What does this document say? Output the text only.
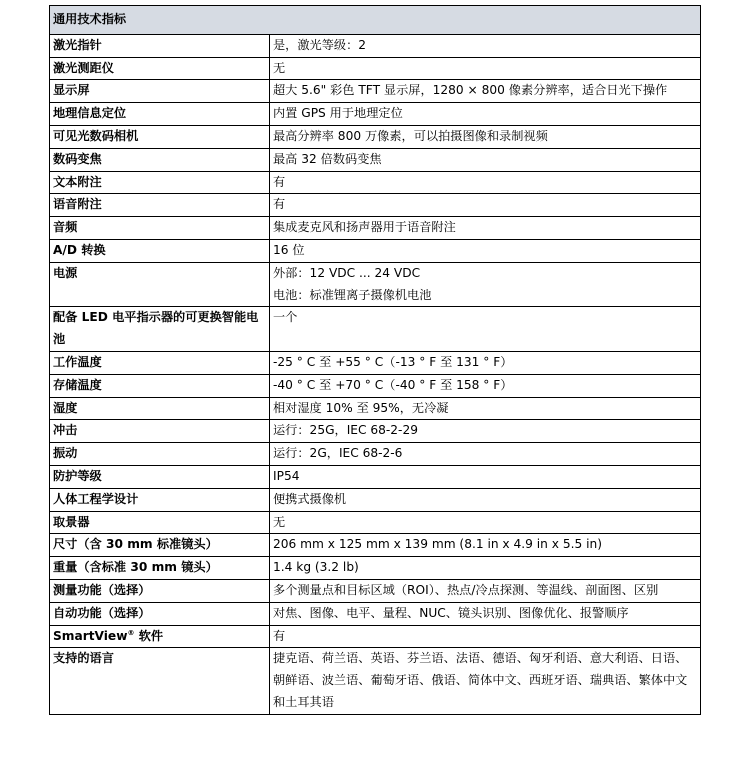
通用技术指标	
激光指针	是，激光等级：2

激光测距仪	无

显示屏	超大 5.6" 彩色 TFT 显示屏，1280 × 800 像素分辨率，适合日光下操作

地理信息定位	内置 GPS 用于地理定位

可见光数码相机	最高分辨率 800 万像素，可以拍摄图像和录制视频

数码变焦	最高 32 倍数码变焦

文本附注	有

语音附注	有

音频	集成麦克风和扬声器用于语音附注

A/D 转换	16 位

电源	外部：12 VDC ... 24 VDC
电池：标准锂离子摄像机电池

配备 LED 电平指示器的可更换智能电池	一个

工作温度	-25 ° C 至 +55 ° C（-13 ° F 至 131 ° F）

存储温度	-40 ° C 至 +70 ° C（-40 ° F 至 158 ° F）

湿度	相对湿度 10% 至 95%，无冷凝

冲击	运行：25G，IEC 68-2-29

振动	运行：2G，IEC 68-2-6

防护等级	IP54

人体工程学设计	便携式摄像机

取景器	无

尺寸（含 30 mm 标准镜头）	206 mm x 125 mm x 139 mm (8.1 in x 4.9 in x 5.5 in)

重量（含标准 30 mm 镜头）	1.4 kg (3.2 lb)

测量功能（选择）	多个测量点和目标区域（ROI）、热点/冷点探测、等温线、剖面图、区别

自动功能（选择）	对焦、图像、电平、量程、NUC、镜头识别、图像优化、报警顺序

SmartView® 软件	有

支持的语言	捷克语、荷兰语、英语、芬兰语、法语、德语、匈牙利语、意大利语、日语、朝鲜语、波兰语、葡萄牙语、俄语、简体中文、西班牙语、瑞典语、繁体中文和土耳其语
